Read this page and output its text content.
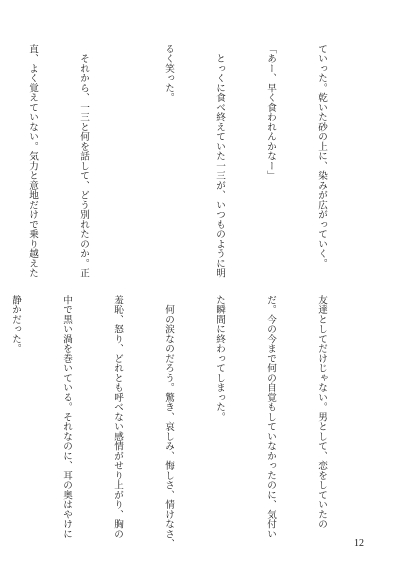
ていった。乾いた砂の上に、染みが広がっていく。

「あー、早く食われんかなー」

　とっくに食べ終えていた一三が、いつものように明

るく笑った。

　それから、一三と何を話して、どう別れたのか。正

直、よく覚えていない。気力と意地だけで乗り越えた

友達としてだけじゃない。男として、恋をしていたの

だ。今の今まで何の自覚もしていなかったのに、気付い

た瞬間に終わってしまった。

　何の涙なのだろう。驚き、哀しみ、悔しさ、情けなさ、

羞恥、怒り、どれとも呼べない感情がせり上がり、胸の

中で黒い渦を巻いている。それなのに、耳の奥はやけに

静かだった。

12
